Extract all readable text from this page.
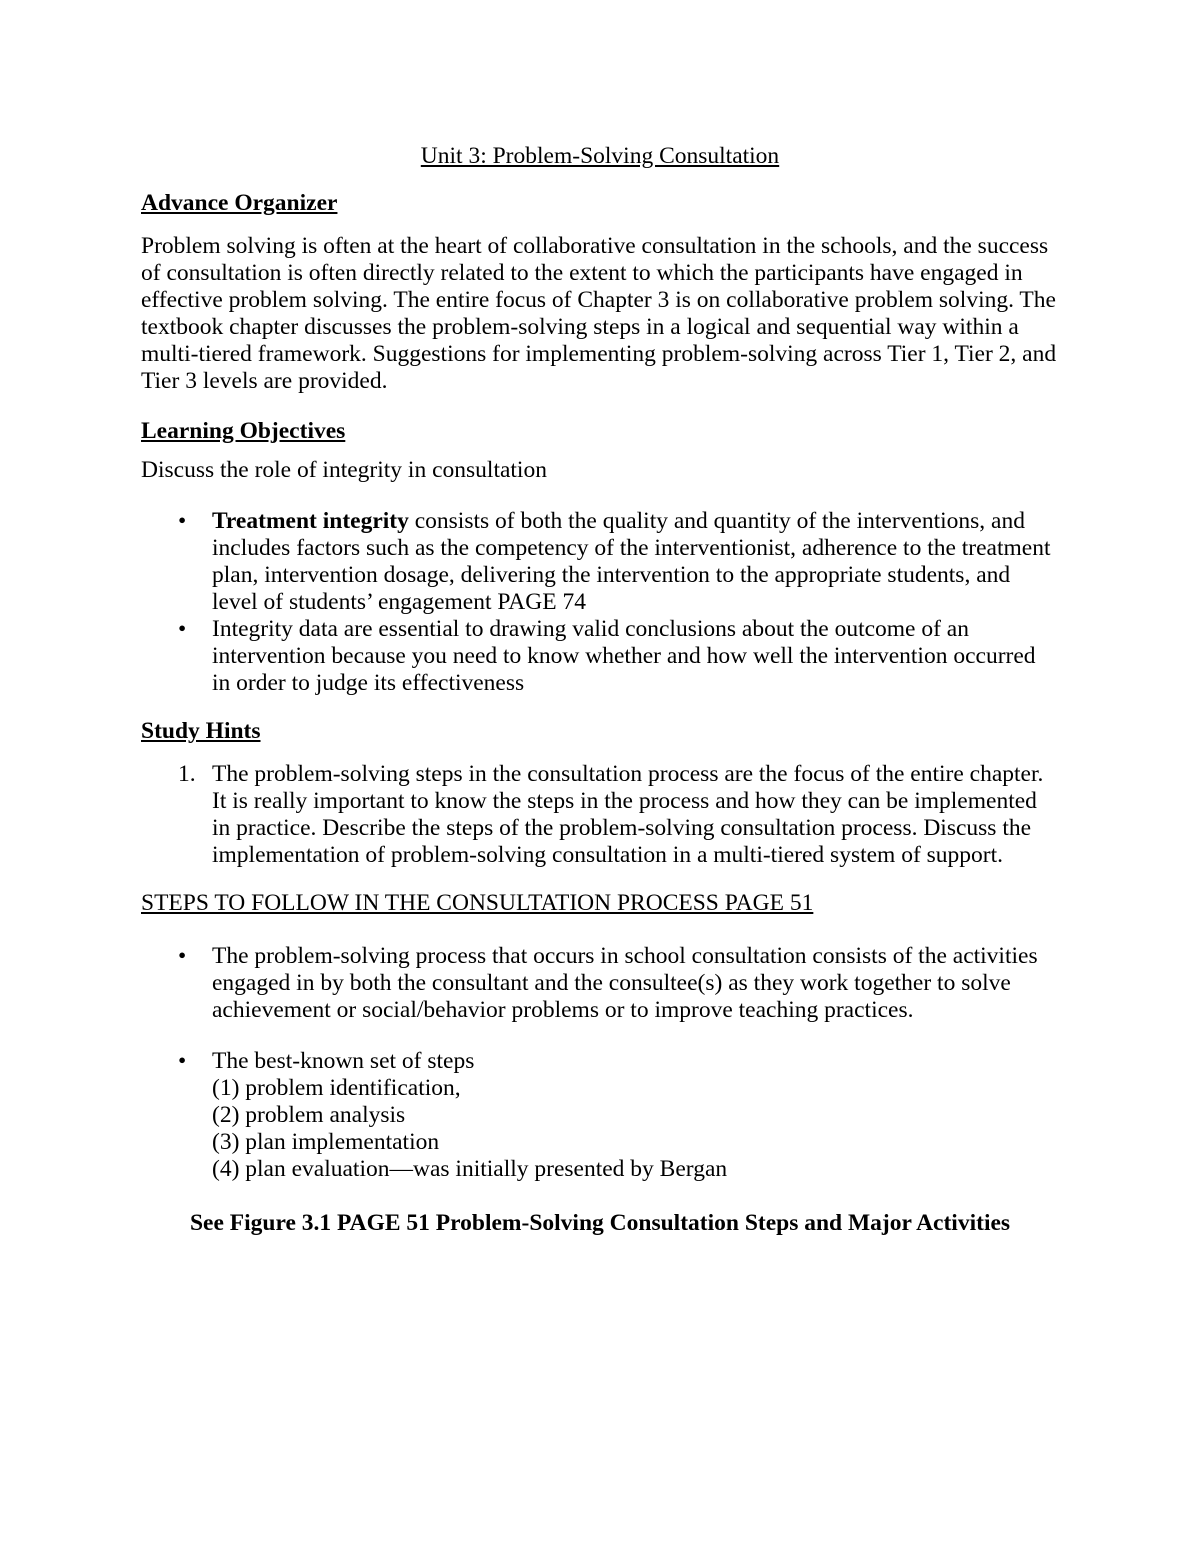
Unit 3: Problem-Solving Consultation
Advance Organizer

Problem solving is often at the heart of collaborative consultation in the schools, and the success of consultation is often directly related to the extent to which the participants have engaged in effective problem solving. The entire focus of Chapter 3 is on collaborative problem solving. The textbook chapter discusses the problem-solving steps in a logical and sequential way within a multi-tiered framework. Suggestions for implementing problem-solving across Tier 1, Tier 2, and Tier 3 levels are provided.

Learning Objectives

Discuss the role of integrity in consultation

•	Treatment integrity consists of both the quality and quantity of the interventions, and includes factors such as the competency of the interventionist, adherence to the treatment plan, intervention dosage, delivering the intervention to the appropriate students, and level of students’ engagement PAGE 74
•	Integrity data are essential to drawing valid conclusions about the outcome of an intervention because you need to know whether and how well the intervention occurred in order to judge its effectiveness
Study Hints
1. The problem-solving steps in the consultation process are the focus of the entire chapter. It is really important to know the steps in the process and how they can be implemented in practice. Describe the steps of the problem-solving consultation process. Discuss the implementation of problem-solving consultation in a multi-tiered system of support.
STEPS TO FOLLOW IN THE CONSULTATION PROCESS PAGE 51
•	The problem-solving process that occurs in school consultation consists of the activities engaged in by both the consultant and the consultee(s) as they work together to solve achievement or social/behavior problems or to improve teaching practices.
•	The best-known set of steps
(1) problem identification,
(2) problem analysis
(3) plan implementation
(4) plan evaluation—was initially presented by Bergan
See Figure 3.1 PAGE 51 Problem-Solving Consultation Steps and Major Activities
